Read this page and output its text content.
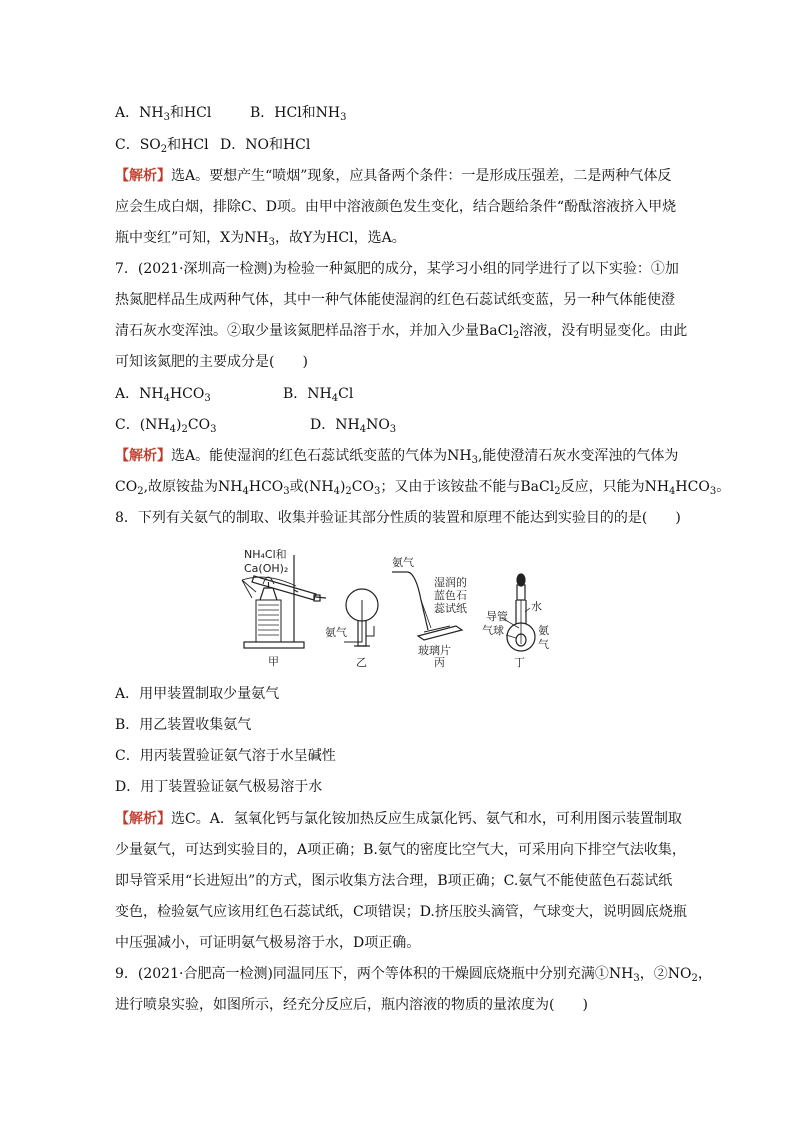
A．$NH_3$和HCl	B．HCl和$NH_3$
C．$SO_2$和HCl D．NO和HCl
【解析】选A。要想产生“喷烟”现象，应具备两个条件：一是形成压强差，二是两种气体反
应会生成白烟，排除C、D项。由甲中溶液颜色发生变化，结合题给条件“酚酞溶液挤入甲烧
瓶中变红”可知，X为$NH_3$，故Y为HCl，选A。
7．(2021·深圳高一检测)为检验一种氮肥的成分，某学习小组的同学进行了以下实验：①加
热氮肥样品生成两种气体，其中一种气体能使湿润的红色石蕊试纸变蓝，另一种气体能使澄
清石灰水变浑浊。②取少量该氮肥样品溶于水，并加入少量BaCl$_2$溶液，没有明显变化。由此
可知该氮肥的主要成分是(　　)
A．$NH_4HCO_3$	B．$NH_4Cl$
C．$(NH_4)_2CO_3$	D．$NH_4NO_3$
【解析】选A。能使湿润的红色石蕊试纸变蓝的气体为$NH_3$,能使澄清石灰水变浑浊的气体为
$CO_2$,故原铵盐为$NH_4HCO_3$或$(NH_4)_2CO_3$；又由于该铵盐不能与BaCl$_2$反应，只能为$NH_4HCO_3$。
8．下列有关氨气的制取、收集并验证其部分性质的装置和原理不能达到实验目的的是(　　)
NH₄Cl和
Ca(OH)₂
甲
氨气
乙
氨气
湿润的
蓝色石
蕊试纸
玻璃片
丙
导管
气球
水
氨
气
丁
A．用甲装置制取少量氨气
B．用乙装置收集氨气
C．用丙装置验证氨气溶于水呈碱性
D．用丁装置验证氨气极易溶于水
【解析】选C。A．氢氧化钙与氯化铵加热反应生成氯化钙、氨气和水，可利用图示装置制取
少量氨气，可达到实验目的，A项正确；B.氨气的密度比空气大，可采用向下排空气法收集，
即导管采用“长进短出”的方式，图示收集方法合理，B项正确；C.氨气不能使蓝色石蕊试纸
变色，检验氨气应该用红色石蕊试纸，C项错误；D.挤压胶头滴管，气球变大，说明圆底烧瓶
中压强减小，可证明氨气极易溶于水，D项正确。
9．(2021·合肥高一检测)同温同压下，两个等体积的干燥圆底烧瓶中分别充满$①NH_3$，$②NO_2$，
进行喷泉实验，如图所示，经充分反应后，瓶内溶液的物质的量浓度为(　　)
